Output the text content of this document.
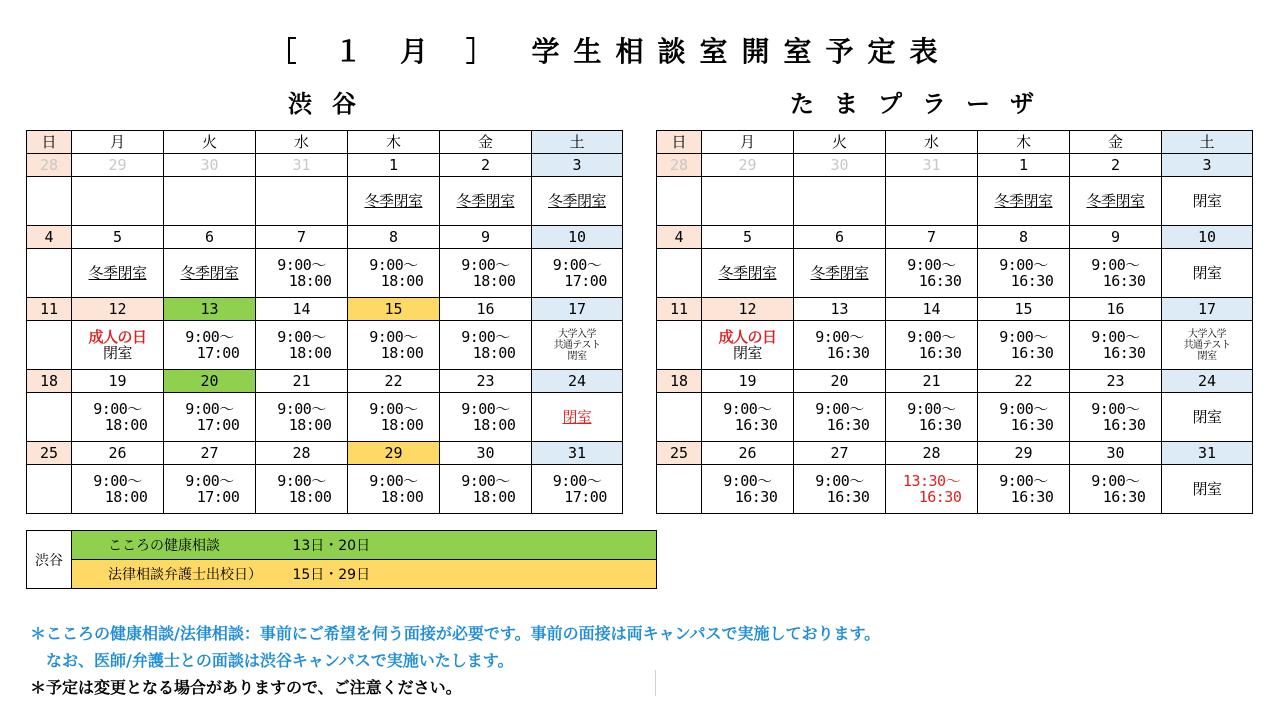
［ １ 月 ］ 学生相談室開室予定表
渋谷	たまプラーザ
日	月	火	水	木	金	土
28	29	30	31	1	2	3

				冬季閉室	冬季閉室	冬季閉室

4	5	6	7	8	9	10

	冬季閉室	冬季閉室	9:00～
18:00	9:00～
18:00	9:00～
18:00	9:00～
17:00

11	12	13	14	15	16	17

	成人の日
閉室	9:00～
17:00	9:00～
18:00	9:00～
18:00	9:00～
18:00	大学入学
共通テスト
閉室

18	19	20	21	22	23	24

	9:00～
18:00	9:00～
17:00	9:00～
18:00	9:00～
18:00	9:00～
18:00	閉室

25	26	27	28	29	30	31

	9:00～
18:00	9:00～
17:00	9:00～
18:00	9:00～
18:00	9:00～
18:00	9:00～
17:00
日	月	火	水	木	金	土
28	29	30	31	1	2	3

				冬季閉室	冬季閉室	閉室

4	5	6	7	8	9	10

	冬季閉室	冬季閉室	9:00～
16:30	9:00～
16:30	9:00～
16:30	閉室

11	12	13	14	15	16	17

	成人の日
閉室	9:00～
16:30	9:00～
16:30	9:00～
16:30	9:00～
16:30	大学入学
共通テスト
閉室

18	19	20	21	22	23	24

	9:00～
16:30	9:00～
16:30	9:00～
16:30	9:00～
16:30	9:00～
16:30	閉室

25	26	27	28	29	30	31

	9:00～
16:30	9:00～
16:30	13:30～
16:30	9:00～
16:30	9:00～
16:30	閉室
渋谷	こころの健康相談	13日・20日
法律相談弁護士出校日） 15日・29日
＊こころの健康相談/法律相談：事前にご希望を伺う面接が必要です。事前の面接は両キャンパスで実施しております。
なお、医師/弁護士との面談は渋谷キャンパスで実施いたします。
＊予定は変更となる場合がありますので、ご注意ください。
